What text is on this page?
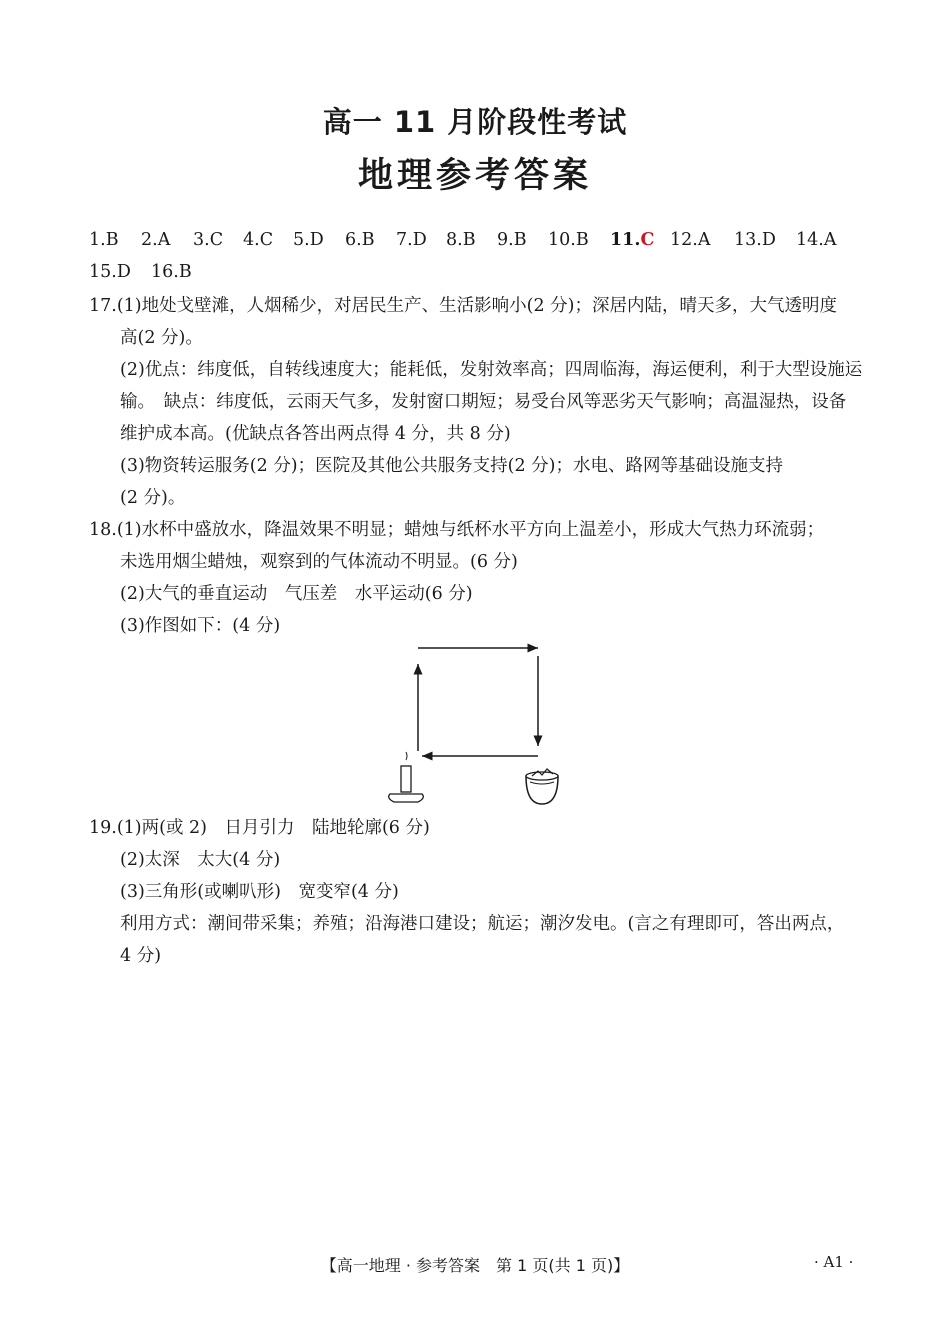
高一 11 月阶段性考试
地理参考答案
1.B 2.A 3.C 4.C 5.D 6.B 7.D 8.B 9.B 10.B 11.C 12.A 13.D 14.A
15.D 16.B
17.(1)地处戈壁滩，人烟稀少，对居民生产、生活影响小(2 分)；深居内陆，晴天多，大气透明度
高(2 分)。
(2)优点：纬度低，自转线速度大；能耗低，发射效率高；四周临海，海运便利，利于大型设施运
输。　缺点：纬度低，云雨天气多，发射窗口期短；易受台风等恶劣天气影响；高温湿热，设备
维护成本高。(优缺点各答出两点得 4 分，共 8 分)
(3)物资转运服务(2 分)；医院及其他公共服务支持(2 分)；水电、路网等基础设施支持
(2 分)。
18.(1)水杯中盛放水，降温效果不明显；蜡烛与纸杯水平方向上温差小，形成大气热力环流弱；
未选用烟尘蜡烛，观察到的气体流动不明显。(6 分)
(2)大气的垂直运动　气压差　水平运动(6 分)
(3)作图如下：(4 分)
19.(1)两(或 2)　日月引力　陆地轮廓(6 分)
(2)太深　太大(4 分)
(3)三角形(或喇叭形)　宽变窄(4 分)
利用方式：潮间带采集；养殖；沿海港口建设；航运；潮汐发电。(言之有理即可，答出两点，
4 分)
【高一地理 · 参考答案　第 1 页(共 1 页)】	· A1 ·
